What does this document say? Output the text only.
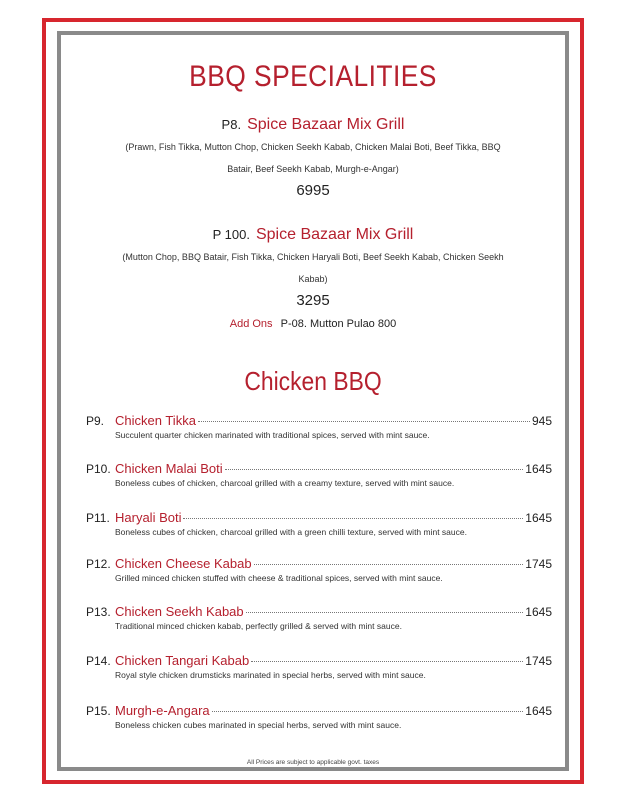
BBQ SPECIALITIES
P8. Spice Bazaar Mix Grill
(Prawn, Fish Tikka, Mutton Chop, Chicken Seekh Kabab, Chicken Malai Boti, Beef Tikka, BBQ Batair, Beef Seekh Kabab, Murgh-e-Angar)
6995
P 100. Spice Bazaar Mix Grill
(Mutton Chop, BBQ Batair, Fish Tikka, Chicken Haryali Boti, Beef Seekh Kabab, Chicken Seekh Kabab)
3295
Add Ons P-08. Mutton Pulao 800
Chicken BBQ
P9. Chicken Tikka	945
Succulent quarter chicken marinated with traditional spices, served with mint sauce.
P10. Chicken Malai Boti	1645
Boneless cubes of chicken, charcoal grilled with a creamy texture, served with mint sauce.
P11. Haryali Boti	1645
Boneless cubes of chicken, charcoal grilled with a green chilli texture, served with mint sauce.
P12. Chicken Cheese Kabab	1745
Grilled minced chicken stuffed with cheese & traditional spices, served with mint sauce.
P13. Chicken Seekh Kabab	1645
Traditional minced chicken kabab, perfectly grilled & served with mint sauce.
P14. Chicken Tangari Kabab	1745
Royal style chicken drumsticks marinated in special herbs, served with mint sauce.
P15. Murgh-e-Angara	1645
Boneless chicken cubes marinated in special herbs, served with mint sauce.
All Prices are subject to applicable govt. taxes
